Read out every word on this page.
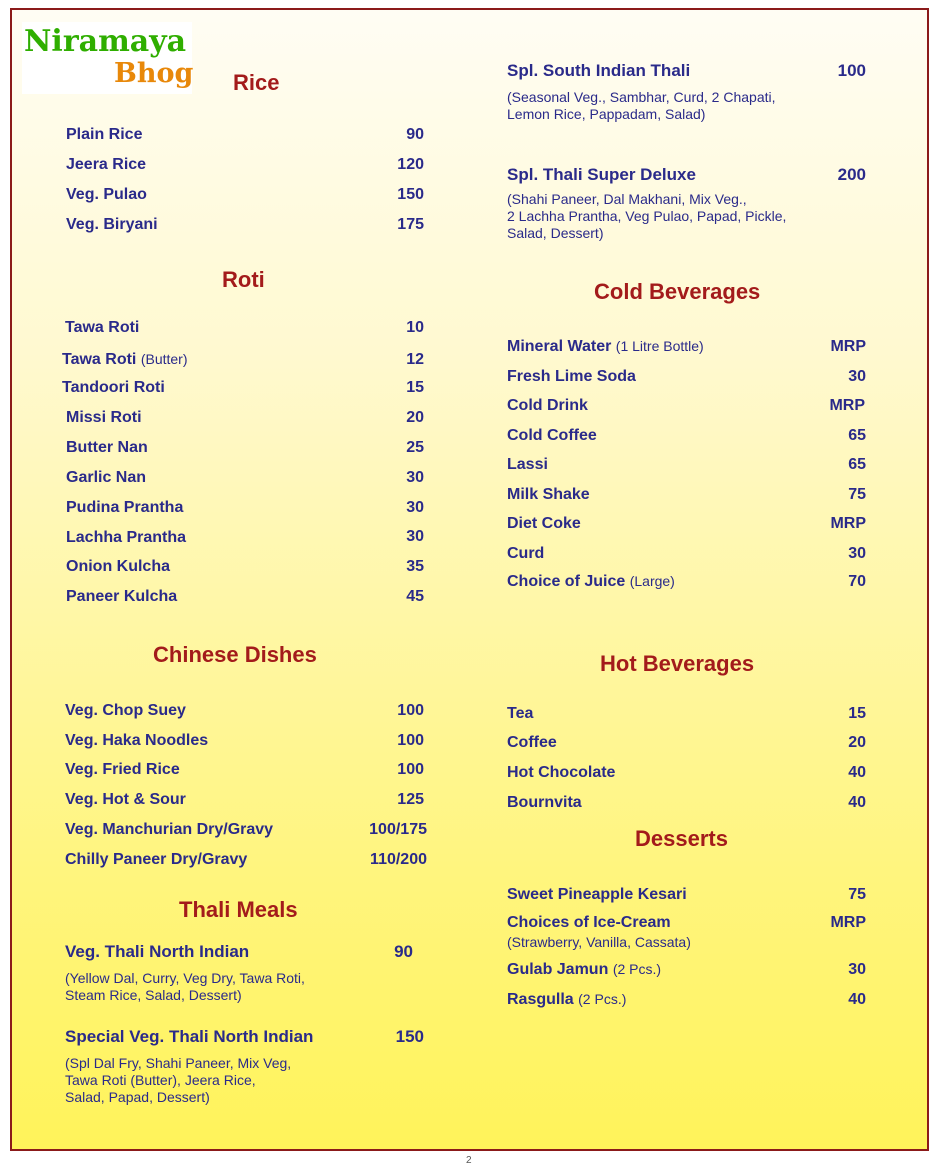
Niramaya
Bhog Rice
Plain Rice	90
Jeera Rice	120
Veg. Pulao	150
Veg. Biryani	175
Roti
Tawa Roti	10
Tawa Roti (Butter)	12
Tandoori Roti	15
Missi Roti	20
Butter Nan	25
Garlic Nan	30
Pudina Prantha	30
Lachha Prantha	30
Onion Kulcha	35
Paneer Kulcha	45
Chinese Dishes
Veg. Chop Suey	100
Veg. Haka Noodles	100
Veg. Fried Rice	100
Veg. Hot & Sour	125
Veg. Manchurian Dry/Gravy	100/175
Chilly Paneer Dry/Gravy	110/200
Thali Meals
Veg. Thali North Indian	90
(Yellow Dal, Curry, Veg Dry, Tawa Roti,
Steam Rice, Salad, Dessert)
Special Veg. Thali North Indian	150
(Spl Dal Fry, Shahi Paneer, Mix Veg,
Tawa Roti (Butter), Jeera Rice,
Salad, Papad, Dessert)
Spl. South Indian Thali	100
(Seasonal Veg., Sambhar, Curd, 2 Chapati,
Lemon Rice, Pappadam, Salad)
Spl. Thali Super Deluxe	200
(Shahi Paneer, Dal Makhani, Mix Veg.,
2 Lachha Prantha, Veg Pulao, Papad, Pickle,
Salad, Dessert)
Cold Beverages
Mineral Water (1 Litre Bottle)	MRP
Fresh Lime Soda	30
Cold Drink	MRP
Cold Coffee	65
Lassi	65
Milk Shake	75
Diet Coke	MRP
Curd	30
Choice of Juice (Large)	70
Hot Beverages
Tea	15
Coffee	20
Hot Chocolate	40
Bournvita	40
Desserts
Sweet Pineapple Kesari	75
Choices of Ice-Cream	MRP
(Strawberry, Vanilla, Cassata)
Gulab Jamun (2 Pcs.)	30
Rasgulla (2 Pcs.)	40
2
